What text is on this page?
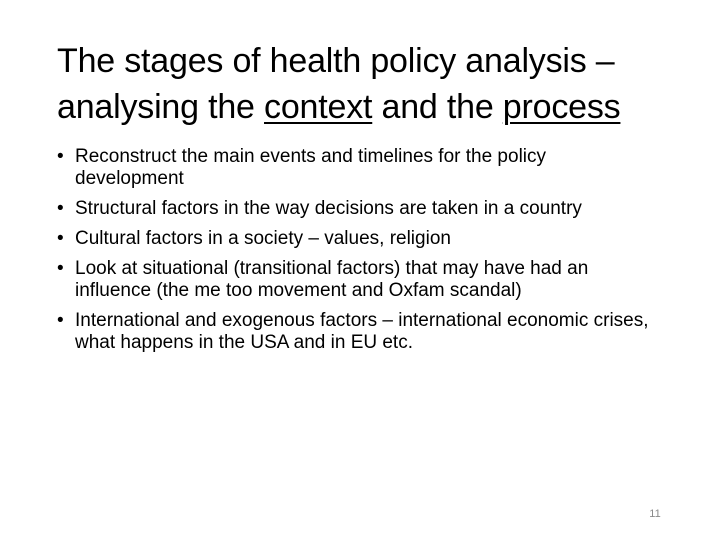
The stages of health policy analysis – analysing the context and the process
• Reconstruct the main events and timelines for the policy development
• Structural factors in the way decisions are taken in a country
• Cultural factors in a society – values, religion
• Look at situational (transitional factors) that may have had an influence (the me too movement and Oxfam scandal)
• International and exogenous factors – international economic crises, what happens in the USA and in EU etc.
11
